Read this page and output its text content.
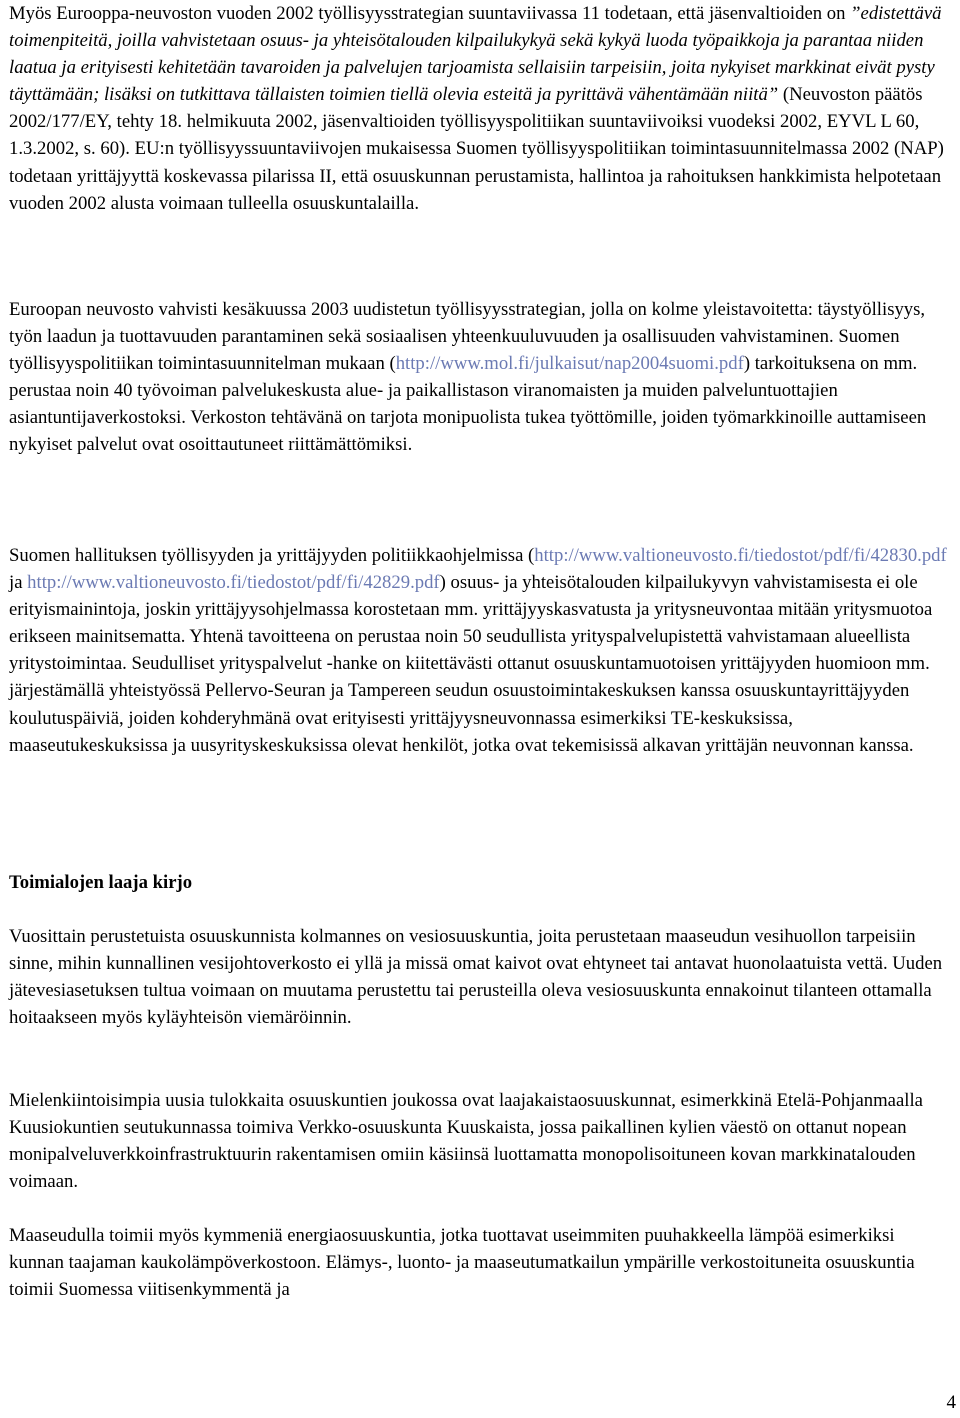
Myös Eurooppa-neuvoston vuoden 2002 työllisyysstrategian suuntaviivassa 11 todetaan, että jäsenvaltioiden on ”edistettävä toimenpiteitä, joilla vahvistetaan osuus- ja yhteisötalouden kilpailukykyä sekä kykyä luoda työpaikkoja ja parantaa niiden laatua ja erityisesti kehitetään tavaroiden ja palvelujen tarjoamista sellaisiin tarpeisiin, joita nykyiset markkinat eivät pysty täyttämään; lisäksi on tutkittava tällaisten toimien tiellä olevia esteitä ja pyrittävä vähentämään niitä” (Neuvoston päätös 2002/177/EY, tehty 18. helmikuuta 2002, jäsenvaltioiden työllisyyspolitiikan suuntaviivoiksi vuodeksi 2002, EYVL L 60, 1.3.2002, s. 60). EU:n työllisyyssuuntaviivojen mukaisessa Suomen työllisyyspolitiikan toimintasuunnitelmassa 2002 (NAP) todetaan yrittäjyyttä koskevassa pilarissa II, että osuuskunnan perustamista, hallintoa ja rahoituksen hankkimista helpotetaan vuoden 2002 alusta voimaan tulleella osuuskuntalailla.

Euroopan neuvosto vahvisti kesäkuussa 2003 uudistetun työllisyysstrategian, jolla on kolme yleistavoitetta: täystyöllisyys, työn laadun ja tuottavuuden parantaminen sekä sosiaalisen yhteenkuuluvuuden ja osallisuuden vahvistaminen. Suomen työllisyyspolitiikan toimintasuunnitelman mukaan (http://www.mol.fi/julkaisut/nap2004suomi.pdf) tarkoituksena on mm. perustaa noin 40 työvoiman palvelukeskusta alue- ja paikallistason viranomaisten ja muiden palveluntuottajien asiantuntijaverkostoksi. Verkoston tehtävänä on tarjota monipuolista tukea työttömille, joiden työmarkkinoille auttamiseen nykyiset palvelut ovat osoittautuneet riittämättömiksi.

Suomen hallituksen työllisyyden ja yrittäjyyden politiikkaohjelmissa (http://www.valtioneuvosto.fi/tiedostot/pdf/fi/42830.pdf ja http://www.valtioneuvosto.fi/tiedostot/pdf/fi/42829.pdf) osuus- ja yhteisötalouden kilpailukyvyn vahvistamisesta ei ole erityismainintoja, joskin yrittäjyysohjelmassa korostetaan mm. yrittäjyyskasvatusta ja yritysneuvontaa mitään yritysmuotoa erikseen mainitsematta. Yhtenä tavoitteena on perustaa noin 50 seudullista yrityspalvelupistettä vahvistamaan alueellista yritystoimintaa. Seudulliset yrityspalvelut -hanke on kiitettävästi ottanut osuuskuntamuotoisen yrittäjyyden huomioon mm. järjestämällä yhteistyössä Pellervo-Seuran ja Tampereen seudun osuustoimintakeskuksen kanssa osuuskuntayrittäjyyden koulutuspäiviä, joiden kohderyhmänä ovat erityisesti yrittäjyysneuvonnassa esimerkiksi TE-keskuksissa, maaseutukeskuksissa ja uusyrityskeskuksissa olevat henkilöt, jotka ovat tekemisissä alkavan yrittäjän neuvonnan kanssa.

Toimialojen laaja kirjo

Vuosittain perustetuista osuuskunnista kolmannes on vesiosuuskuntia, joita perustetaan maaseudun vesihuollon tarpeisiin sinne, mihin kunnallinen vesijohtoverkosto ei yllä ja missä omat kaivot ovat ehtyneet tai antavat huonolaatuista vettä. Uuden jätevesiasetuksen tultua voimaan on muutama perustettu tai perusteilla oleva vesiosuuskunta ennakoinut tilanteen ottamalla hoitaakseen myös kyläyhteisön viemäröinnin.

Mielenkiintoisimpia uusia tulokkaita osuuskuntien joukossa ovat laajakaistaosuuskunnat, esimerkkinä Etelä-Pohjanmaalla Kuusiokuntien seutukunnassa toimiva Verkko-osuuskunta Kuuskaista, jossa paikallinen kylien väestö on ottanut nopean monipalveluverkkoinfrastruktuurin rakentamisen omiin käsiinsä luottamatta monopolisoituneen kovan markkinatalouden voimaan.

Maaseudulla toimii myös kymmeniä energiaosuuskuntia, jotka tuottavat useimmiten puuhakkeella lämpöä esimerkiksi kunnan taajaman kaukolämpöverkostoon. Elämys-, luonto- ja maaseutumatkailun ympärille verkostoituneita osuuskuntia toimii Suomessa viitisenkymmentä ja

4
